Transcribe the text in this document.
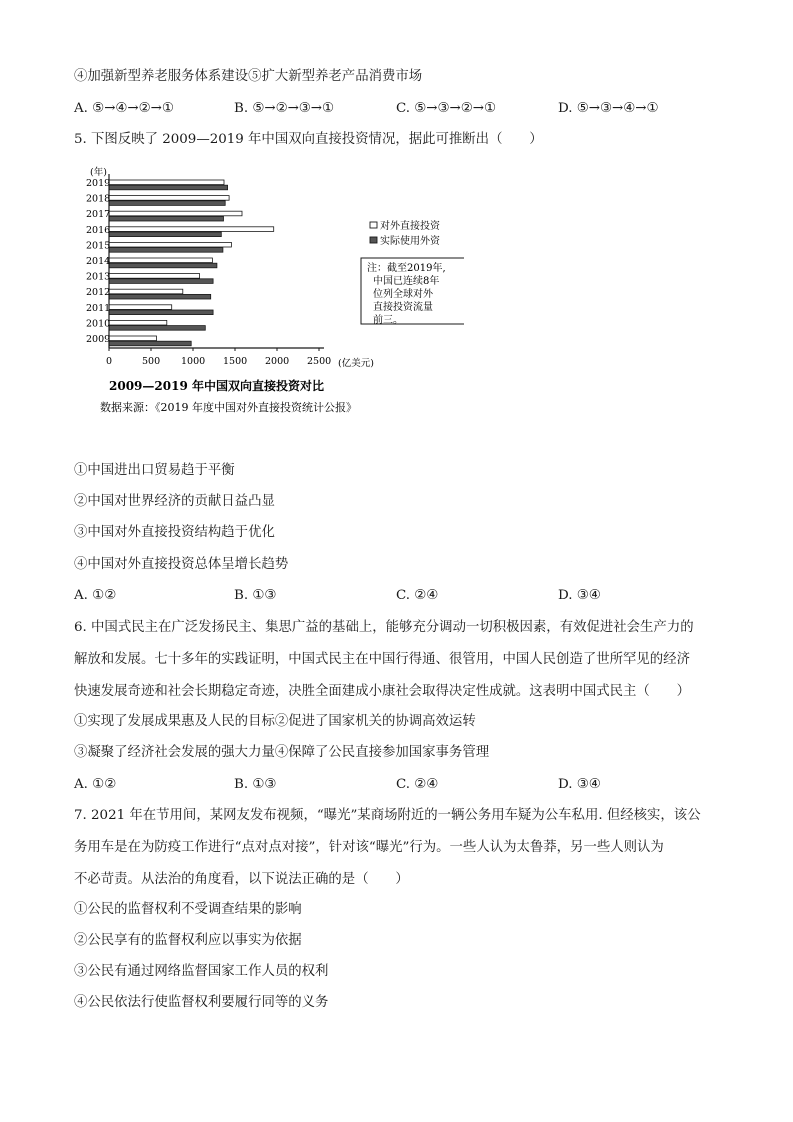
④加强新型养老服务体系建设⑤扩大新型养老产品消费市场
A. ⑤→④→②→①	B. ⑤→②→③→①	C. ⑤→③→②→①	D. ⑤→③→④→①
5. 下图反映了 2009—2019 年中国双向直接投资情况，据此可推断出（　　）
(年)
2019
2018
2017
2016
2015
2014
2013
2012
2011
2010
2009
0	500 1000 1500 2000 2500 (亿美元)
对外直接投资
实际使用外资
注：截至2019年,
中国已连续8年
位列全球对外
直接投资流量
前三。
2009—2019 年中国双向直接投资对比
数据来源：《2019 年度中国对外直接投资统计公报》
①中国进出口贸易趋于平衡
②中国对世界经济的贡献日益凸显
③中国对外直接投资结构趋于优化
④中国对外直接投资总体呈增长趋势
A. ①②	B. ①③	C. ②④	D. ③④
6. 中国式民主在广泛发扬民主、集思广益的基础上，能够充分调动一切积极因素，有效促进社会生产力的
解放和发展。七十多年的实践证明，中国式民主在中国行得通、很管用，中国人民创造了世所罕见的经济
快速发展奇迹和社会长期稳定奇迹，决胜全面建成小康社会取得决定性成就。这表明中国式民主（　　）
①实现了发展成果惠及人民的目标②促进了国家机关的协调高效运转
③凝聚了经济社会发展的强大力量④保障了公民直接参加国家事务管理
A. ①②	B. ①③	C. ②④	D. ③④
7. 2021 年在节用间，某网友发布视频，“曝光”某商场附近的一辆公务用车疑为公车私用. 但经核实，该公
务用车是在为防疫工作进行“点对点对接”，针对该“曝光”行为。一些人认为太鲁莽，另一些人则认为
不必苛责。从法治的角度看，以下说法正确的是（　　）
①公民的监督权利不受调查结果的影响
②公民享有的监督权利应以事实为依据
③公民有通过网络监督国家工作人员的权利
④公民依法行使监督权利要履行同等的义务
